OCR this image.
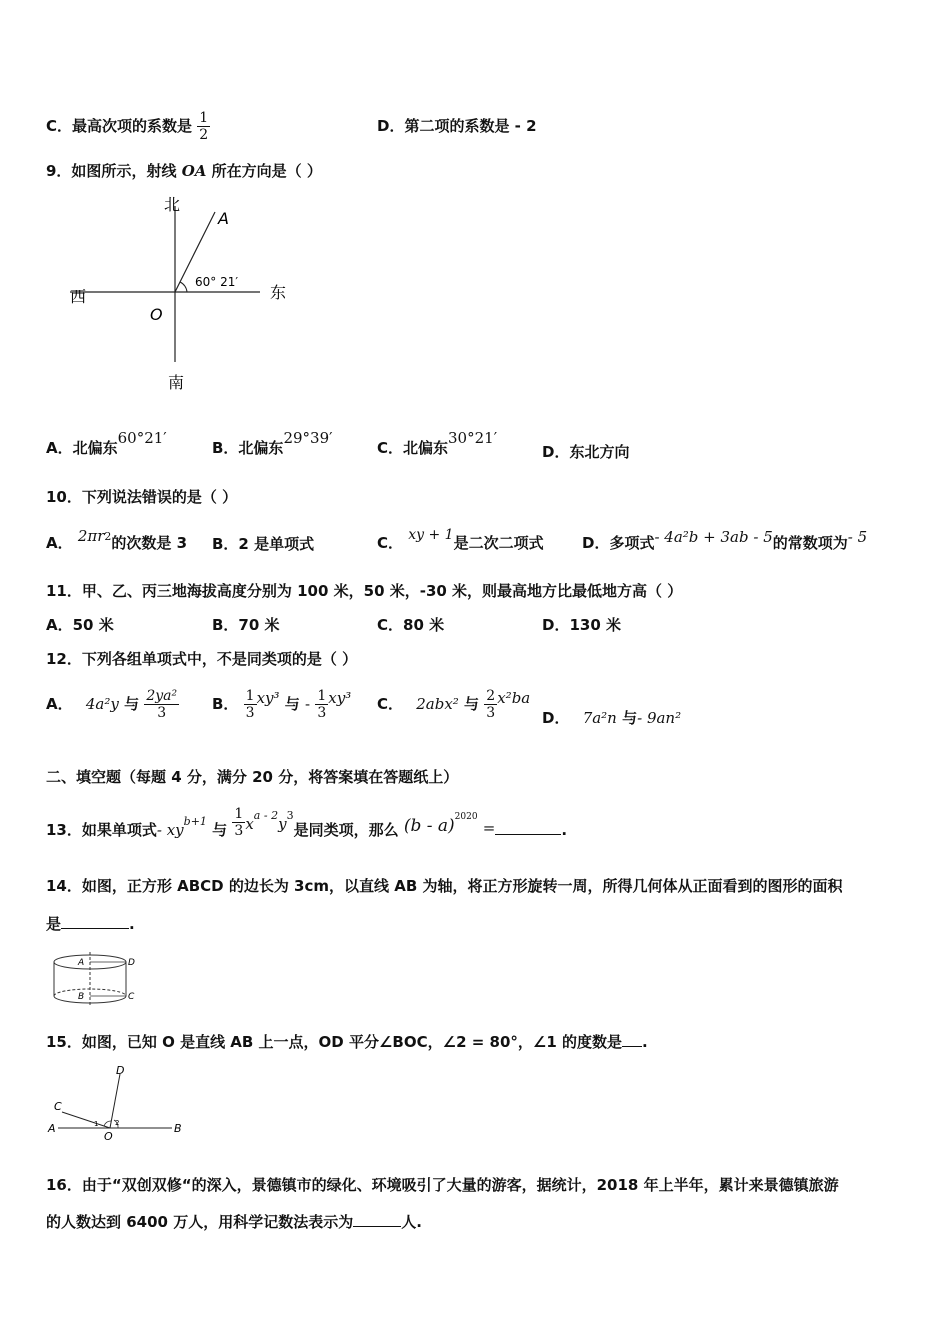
C．最高次项的系数是 $\frac{1}{2}$	D．第二项的系数是 - 2
9．如图所示，射线 OA 所在方向是（ ）
北
南
东
西
O
A
60° 21′
A．北偏东60°21′
B．北偏东29°39′
C．北偏东30°21′
D．东北方向
10．下列说法错误的是（ ）
A． $2\pi r^2$的次数是 3 B．2 是单项式	C． xy + 1是二次二项式	D．多项式- 4a²b + 3ab - 5的常数项为- 5
11．甲、乙、丙三地海拔高度分别为 100 米，50 米，-30 米，则最高地方比最低地方高（ ）
A．50 米	B．70 米	C．80 米	D．130 米
12．下列各组单项式中，不是同类项的是（ ）
A． 4a²y 与 $\frac{\text{2ya²}}{3}$ B． $\frac{1}{3} xy^3$ 与 - $\frac{1}{3} xy^3$ C． 2abx² 与 $\frac{2}{3} x^2ba$
D． 7a²n 与- 9an²
二、填空题（每题 4 分，满分 20 分，将答案填在答题纸上）
13．如果单项式- $xy_{b+1}$ 与 $\frac{1}{3}$ xa - 2y3是同类项，那么 (b - a)2020 =	.
14．如图，正方形 ABCD 的边长为 3cm，以直线 AB 为轴，将正方形旋转一周，所得几何体从正面看到的图形的面积
是	.
A
B
D
C
15．如图，已知 O 是直线 AB 上一点，OD 平分∠BOC，∠2 = 80°，∠1 的度数是 .
A	B
C
D
O
1 2
16．由于“双创双修“的深入，景德镇市的绿化、环境吸引了大量的游客，据统计，2018 年上半年，累计来景德镇旅游
的人数达到 6400 万人，用科学记数法表示为	人.
